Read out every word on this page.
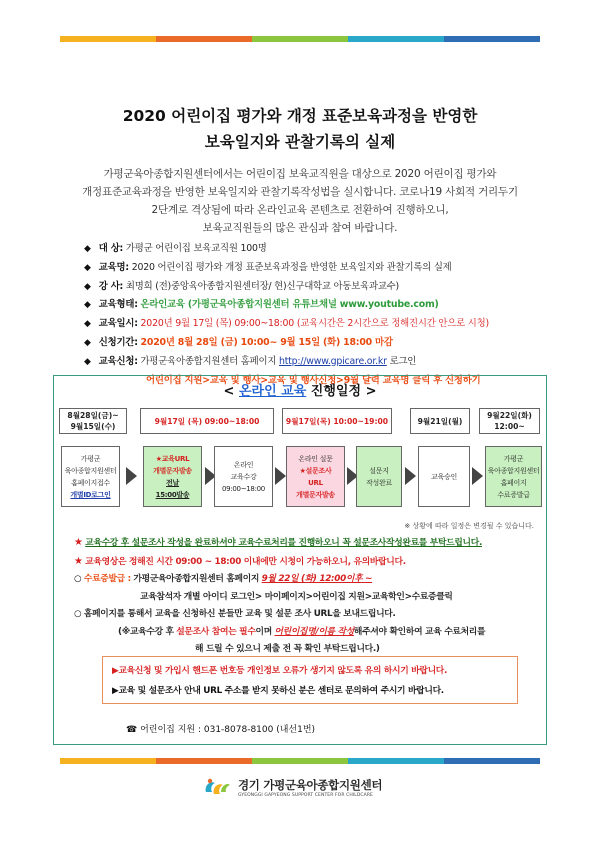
2020 어린이집 평가와 개정 표준보육과정을 반영한
보육일지와 관찰기록의 실제
가평군육아종합지원센터에서는 어린이집 보육교직원을 대상으로 2020 어린이집 평가와
개정표준교육과정을 반영한 보육일지와 관찰기록작성법을 실시합니다. 코로나19 사회적 거리두기
2단계로 격상됨에 따라 온라인교육 콘텐츠로 전환하여 진행하오니,
보육교직원들의 많은 관심과 참여 바랍니다.
◆ 대 상: 가평군 어린이집 보육교직원 100명
◆ 교육명: 2020 어린이집 평가와 개정 표준보육과정을 반영한 보육일지와 관찰기록의 실제
◆ 강 사: 최명희 (전)중앙육아종합지원센터장/ 현)신구대학교 아동보육과교수)
◆ 교육형태: 온라인교육 (가평군육아종합지원센터 유튜브채널 www.youtube.com)
◆ 교육일시: 2020년 9월 17일 (목) 09:00~18:00 (교육시간은 2시간으로 정해진시간 안으로 시청)
◆ 신청기간: 2020년 8월 28일 (금) 10:00~ 9월 15일 (화) 18:00 마감
◆ 교육신청: 가평군육아종합지원센터 홈페이지 http://www.gpicare.or.kr 로그인
어린이집 지원>교육 및 행사>교육 및 행사신청>9월 달력 교육명 클릭 후 신청하기
< 온라인 교육 진행일정 >
8월28일(금)~
9월15일(수)
9월17일 (목) 09:00~18:00	9월17일(목) 10:00~19:00	9월21일(월)
9월22일(화)
12:00~
가평군
육아종합지원센터
홈페이지접수
개별ID로그인
★교육URL
개별문자발송
전날
15:00발송
온라인
교육수강
09:00~18:00
온라인 설문
★설문조사
URL
개별문자발송
설문지
작성완료
교육승인
가평군
육아종합지원센터
홈페이지
수료증발급
※ 상황에 따라 일정은 변경될 수 있습니다.
★ 교육수강 후 설문조사 작성을 완료하셔야 교육수료처리를 진행하오니 꼭 설문조사작성완료를 부탁드립니다.
★ 교육영상은 정해진 시간 09:00 ~ 18:00 이내에만 시청이 가능하오니, 유의바랍니다.
○ 수료증발급 : 가평군육아종합지원센터 홈페이지 9월 22일 (화) 12:00이후 ~
교육참석자 개별 아이디 로그인> 마이페이지>어린이집 지원>교육학인>수료증클릭
○ 홈페이지를 통해서 교육을 신청하신 분들만 교육 및 설문 조사 URL을 보내드립니다.
(※교육수강 후 설문조사 참여는 필수이며 어린이집명/이름 작성해주셔야 확인하여 교육 수료처리를
해 드릴 수 있으니 제출 전 꼭 확인 부탁드립니다.)
▶교육신청 및 가입시 핸드폰 번호등 개인정보 오류가 생기지 않도록 유의 하시기 바랍니다.
▶교육 및 설문조사 안내 URL 주소를 받지 못하신 분은 센터로 문의하여 주시기 바랍니다.
☎ 어린이집 지원 : 031-8078-8100 (내선1번)
경기 가평군육아종합지원센터
GYEONGGI GAPYEONG SUPPORT CENTER FOR CHILDCARE
